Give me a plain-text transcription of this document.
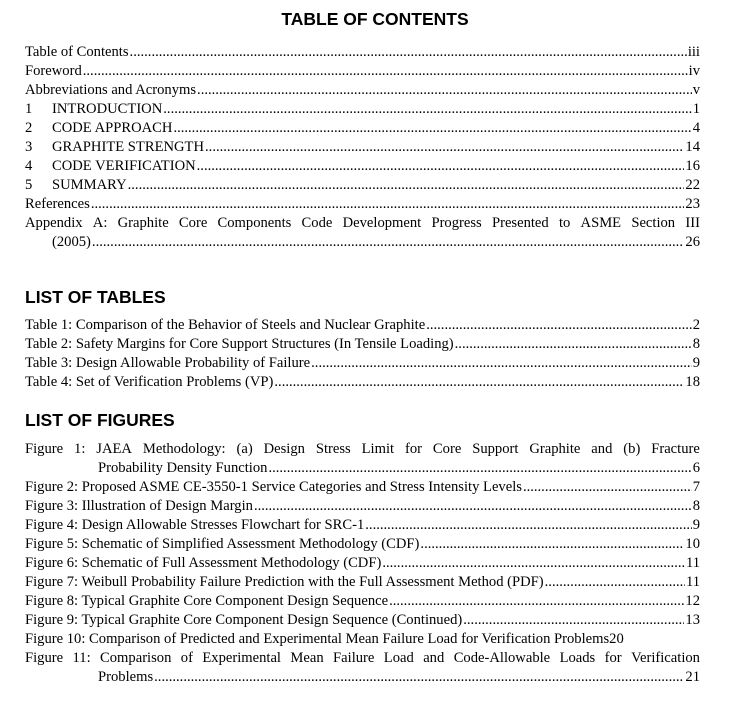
TABLE OF CONTENTS
Table of Contents .....	iii
Foreword .....	iv
Abbreviations and Acronyms .....	v
1	INTRODUCTION .....	1
2	CODE APPROACH .....	4
3	GRAPHITE STRENGTH .....	14
4	CODE VERIFICATION .....	16
5	SUMMARY .....	22
References .....	23
Appendix A: Graphite Core Components Code Development Progress Presented to ASME Section III
(2005) .....	26
LIST OF TABLES
Table 1: Comparison of the Behavior of Steels and Nuclear Graphite .....	2
Table 2: Safety Margins for Core Support Structures (In Tensile Loading) .....	8
Table 3: Design Allowable Probability of Failure .....	9
Table 4: Set of Verification Problems (VP) .....	18
LIST OF FIGURES
Figure 1: JAEA Methodology: (a) Design Stress Limit for Core Support Graphite and (b) Fracture
Probability Density Function .....	6
Figure 2: Proposed ASME CE-3550-1 Service Categories and Stress Intensity Levels .....	7
Figure 3: Illustration of Design Margin .....	8
Figure 4: Design Allowable Stresses Flowchart for SRC-1 .....	9
Figure 5: Schematic of Simplified Assessment Methodology (CDF) .....	10
Figure 6: Schematic of Full Assessment Methodology (CDF) .....	11
Figure 7: Weibull Probability Failure Prediction with the Full Assessment Method (PDF) .....	11
Figure 8: Typical Graphite Core Component Design Sequence .....	12
Figure 9: Typical Graphite Core Component Design Sequence (Continued) .....	13
Figure 10: Comparison of Predicted and Experimental Mean Failure Load for Verification Problems 20
Figure 11: Comparison of Experimental Mean Failure Load and Code-Allowable Loads for Verification
Problems .....	21
